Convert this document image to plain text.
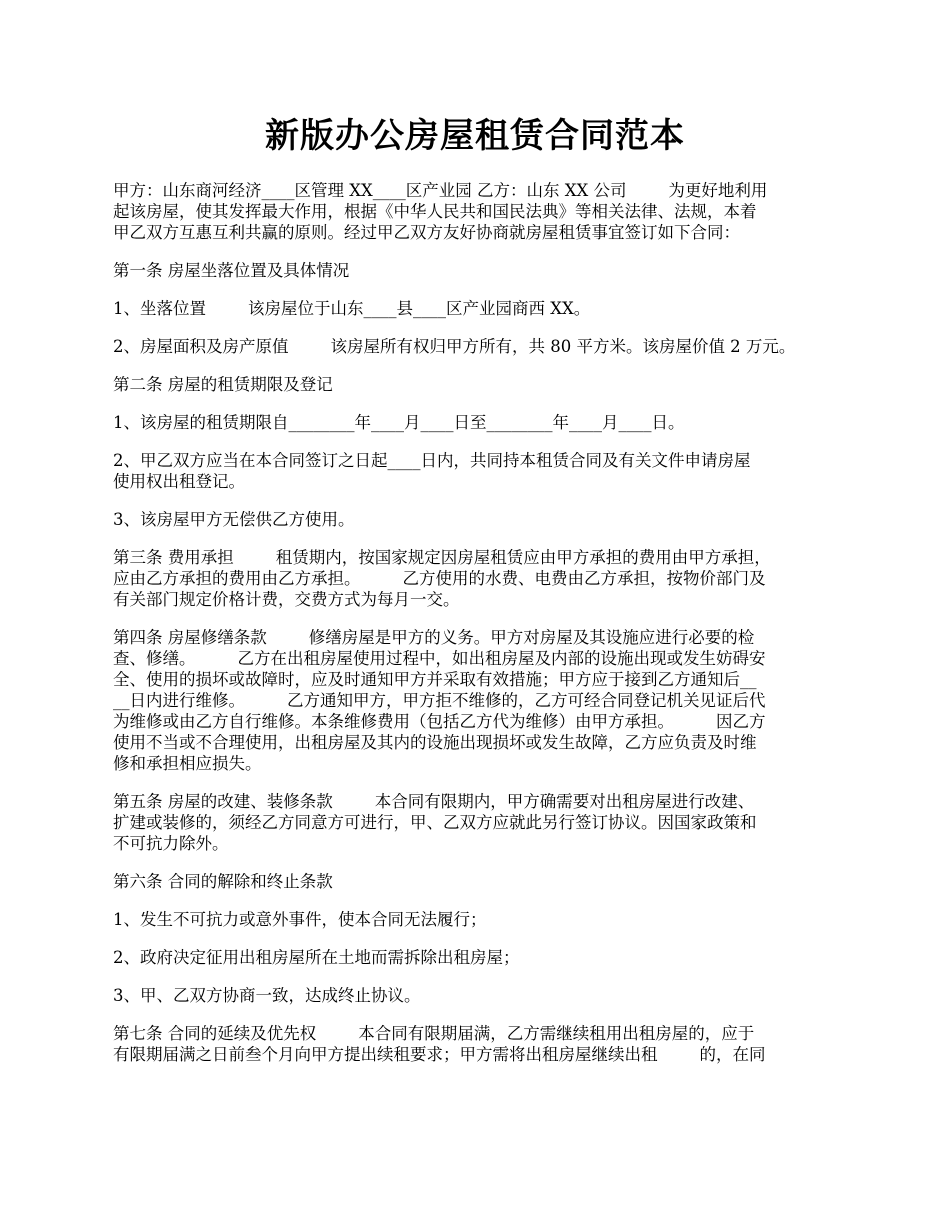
新版办公房屋租赁合同范本
甲方：山东商河经济____区管理 XX____区产业园 乙方：山东 XX 公司        为更好地利用
起该房屋，使其发挥最大作用，根据《中华人民共和国民法典》等相关法律、法规，本着
甲乙双方互惠互利共赢的原则。经过甲乙双方友好协商就房屋租赁事宜签订如下合同：
第一条 房屋坐落位置及具体情况
1、坐落位置        该房屋位于山东____县____区产业园商西 XX。
2、房屋面积及房产原值        该房屋所有权归甲方所有，共 80 平方米。该房屋价值 2 万元。
第二条 房屋的租赁期限及登记
1、该房屋的租赁期限自________年____月____日至________年____月____日。
2、甲乙双方应当在本合同签订之日起____日内，共同持本租赁合同及有关文件申请房屋
使用权出租登记。
3、该房屋甲方无偿供乙方使用。
第三条 费用承担        租赁期内，按国家规定因房屋租赁应由甲方承担的费用由甲方承担，
应由乙方承担的费用由乙方承担。        乙方使用的水费、电费由乙方承担，按物价部门及
有关部门规定价格计费，交费方式为每月一交。
第四条 房屋修缮条款        修缮房屋是甲方的义务。甲方对房屋及其设施应进行必要的检
查、修缮。        乙方在出租房屋使用过程中，如出租房屋及内部的设施出现或发生妨碍安
全、使用的损坏或故障时，应及时通知甲方并采取有效措施；甲方应于接到乙方通知后__
__日内进行维修。        乙方通知甲方，甲方拒不维修的，乙方可经合同登记机关见证后代
为维修或由乙方自行维修。本条维修费用（包括乙方代为维修）由甲方承担。        因乙方
使用不当或不合理使用，出租房屋及其内的设施出现损坏或发生故障，乙方应负责及时维
修和承担相应损失。
第五条 房屋的改建、装修条款        本合同有限期内，甲方确需要对出租房屋进行改建、
扩建或装修的，须经乙方同意方可进行，甲、乙双方应就此另行签订协议。因国家政策和
不可抗力除外。
第六条 合同的解除和终止条款
1、发生不可抗力或意外事件，使本合同无法履行；
2、政府决定征用出租房屋所在土地而需拆除出租房屋；
3、甲、乙双方协商一致，达成终止协议。
第七条 合同的延续及优先权        本合同有限期届满，乙方需继续租用出租房屋的，应于
有限期届满之日前叁个月向甲方提出续租要求；甲方需将出租房屋继续出租        的，在同
